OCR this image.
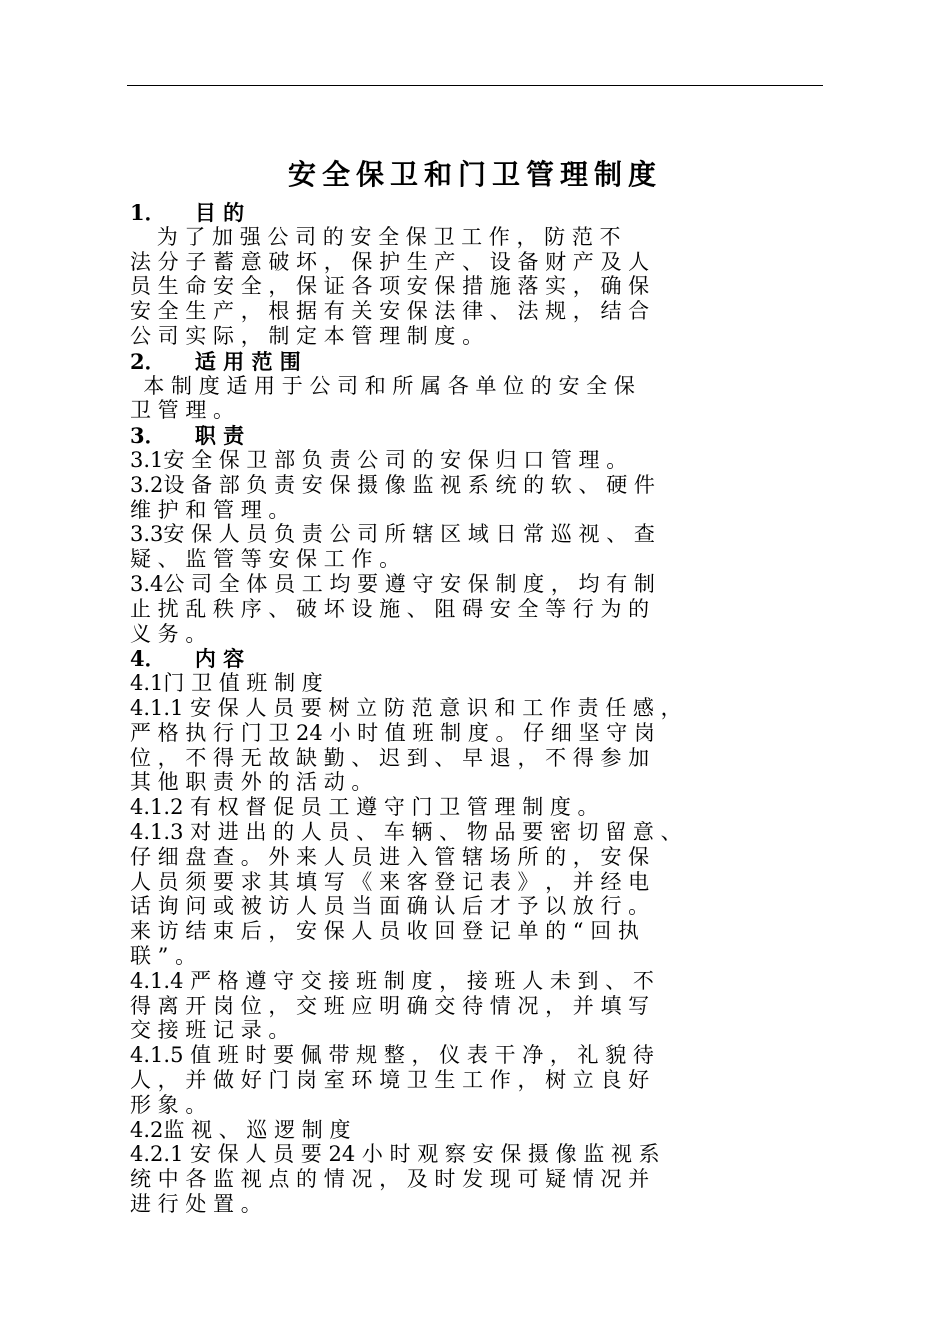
安全保卫和门卫管理制度
1．    目 的
为 了 加 强 公 司 的 安 全 保 卫 工 作 ， 防 范 不
法 分 子 蓄 意 破 坏 ， 保 护 生 产 、 设 备 财 产 及 人
员 生 命 安 全 ， 保 证 各 项 安 保 措 施 落 实 ， 确 保
安 全 生 产 ， 根 据 有 关 安 保 法 律 、 法 规 ， 结 合
公 司 实 际 ， 制 定 本 管 理 制 度 。
2．    适 用 范 围
本 制 度 适 用 于 公 司 和 所 属 各 单 位 的 安 全 保
卫 管 理 。
3．    职 责
3.1安 全 保 卫 部 负 责 公 司 的 安 保 归 口 管 理 。
3.2设 备 部 负 责 安 保 摄 像 监 视 系 统 的 软 、 硬 件
维 护 和 管 理 。
3.3安 保 人 员 负 责 公 司 所 辖 区 域 日 常 巡 视 、 查
疑 、 监 管 等 安 保 工 作 。
3.4公 司 全 体 员 工 均 要 遵 守 安 保 制 度 ， 均 有 制
止 扰 乱 秩 序 、 破 坏 设 施 、 阻 碍 安 全 等 行 为 的
义 务 。
4．    内 容
4.1门 卫 值 班 制 度
4.1.1 安 保 人 员 要 树 立 防 范 意 识 和 工 作 责 任 感 ，
严 格 执 行 门 卫 24 小 时 值 班 制 度 。 仔 细 坚 守 岗
位 ， 不 得 无 故 缺 勤 、 迟 到 、 早 退 ， 不 得 参 加
其 他 职 责 外 的 活 动 。
4.1.2 有 权 督 促 员 工 遵 守 门 卫 管 理 制 度 。
4.1.3 对 进 出 的 人 员 、 车 辆 、 物 品 要 密 切 留 意 、
仔 细 盘 查 。 外 来 人 员 进 入 管 辖 场 所 的 ， 安 保
人 员 须 要 求 其 填 写 《 来 客 登 记 表 》 ， 并 经 电
话 询 问 或 被 访 人 员 当 面 确 认 后 才 予 以 放 行 。
来 访 结 束 后 ， 安 保 人 员 收 回 登 记 单 的 “ 回 执
联 ” 。
4.1.4 严 格 遵 守 交 接 班 制 度 ， 接 班 人 未 到 、 不
得 离 开 岗 位 ， 交 班 应 明 确 交 待 情 况 ， 并 填 写
交 接 班 记 录 。
4.1.5 值 班 时 要 佩 带 规 整 ， 仪 表 干 净 ， 礼 貌 待
人 ， 并 做 好 门 岗 室 环 境 卫 生 工 作 ， 树 立 良 好
形 象 。
4.2监 视 、 巡 逻 制 度
4.2.1 安 保 人 员 要 24 小 时 观 察 安 保 摄 像 监 视 系
统 中 各 监 视 点 的 情 况 ， 及 时 发 现 可 疑 情 况 并
进 行 处 置 。
